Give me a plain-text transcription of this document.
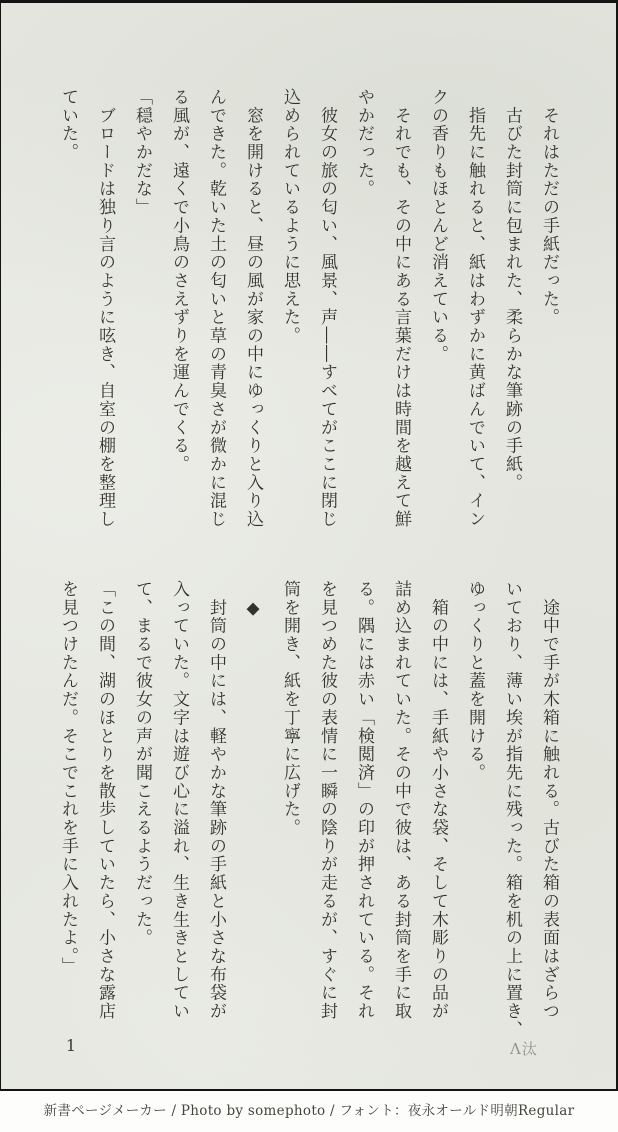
　それはただの手紙だった。

　古びた封筒に包まれた、柔らかな筆跡の手紙。

　指先に触れると、紙はわずかに黄ばんでいて、イン

クの香りもほとんど消えている。

　それでも、その中にある言葉だけは時間を越えて鮮

やかだった。

　彼女の旅の匂い、風景、声――すべてがここに閉じ

込められているように思えた。

　窓を開けると、昼の風が家の中にゆっくりと入り込

んできた。乾いた土の匂いと草の青臭さが微かに混じ

る風が、遠くで小鳥のさえずりを運んでくる。

「穏やかだな」

　ブロードは独り言のように呟き、自室の棚を整理し

ていた。

　途中で手が木箱に触れる。古びた箱の表面はざらつ

いており、薄い埃が指先に残った。箱を机の上に置き、

ゆっくりと蓋を開ける。

　箱の中には、手紙や小さな袋、そして木彫りの品が

詰め込まれていた。その中で彼は、ある封筒を手に取

る。隅には赤い「検閲済」の印が押されている。それ

を見つめた彼の表情に一瞬の陰りが走るが、すぐに封

筒を開き、紙を丁寧に広げた。

　◆

　封筒の中には、軽やかな筆跡の手紙と小さな布袋が

入っていた。文字は遊び心に溢れ、生き生きとしてい

て、まるで彼女の声が聞こえるようだった。

「この間、湖のほとりを散歩していたら、小さな露店

を見つけたんだ。そこでこれを手に入れたよ。」

1	Λ汰
新書ページメーカー / Photo by somephoto / フォント：夜永オールド明朝Regular
